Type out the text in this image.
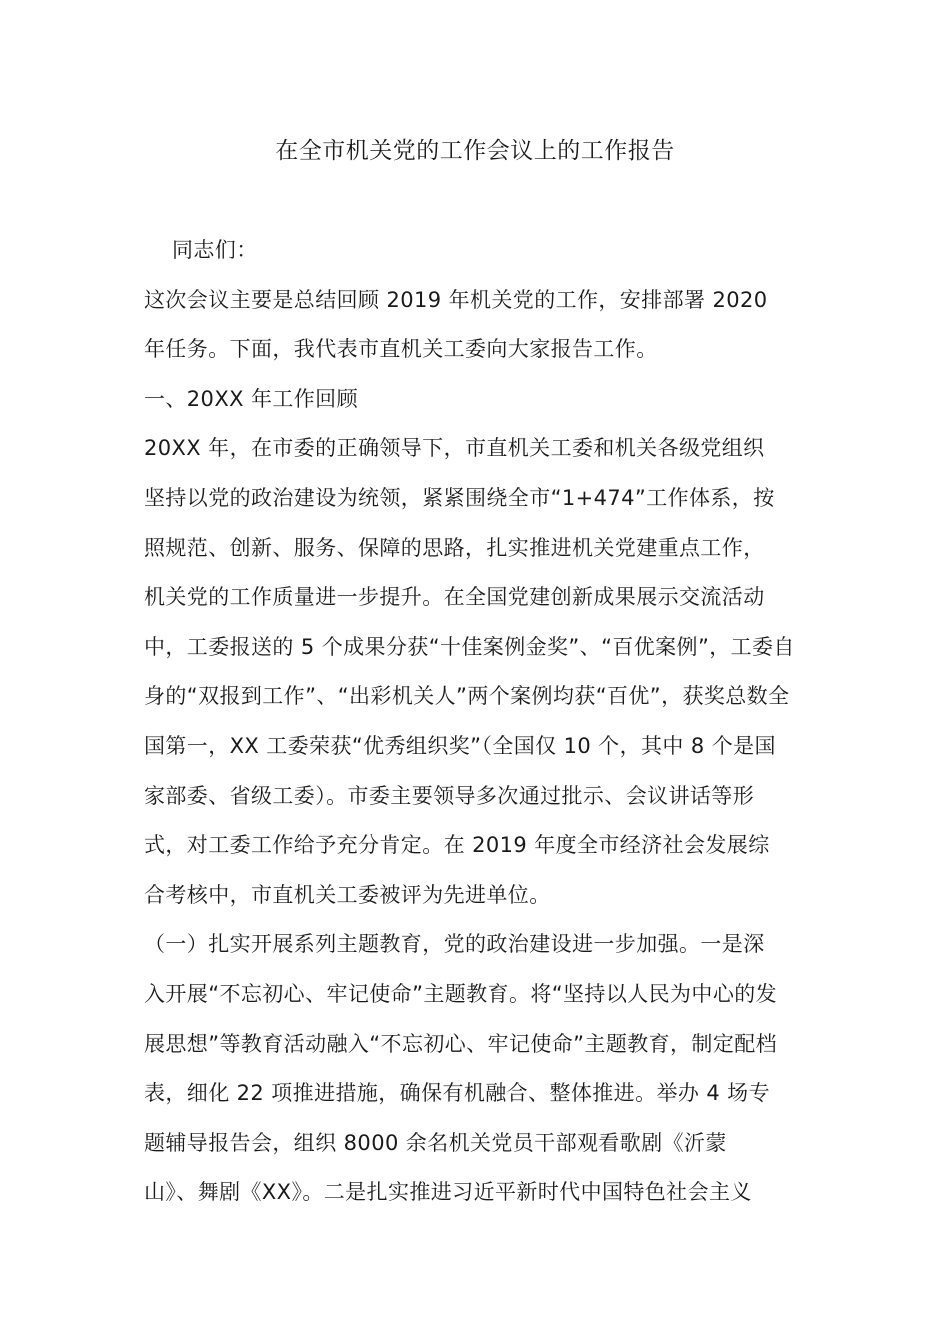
在全市机关党的工作会议上的工作报告

同志们：

这次会议主要是总结回顾 2019 年机关党的工作，安排部署 2020

年任务。下面，我代表市直机关工委向大家报告工作。

一、20XX 年工作回顾

20XX 年，在市委的正确领导下，市直机关工委和机关各级党组织

坚持以党的政治建设为统领，紧紧围绕全市“1+474”工作体系，按

照规范、创新、服务、保障的思路，扎实推进机关党建重点工作，

机关党的工作质量进一步提升。在全国党建创新成果展示交流活动

中，工委报送的 5 个成果分获“十佳案例金奖”、“百优案例”，工委自

身的“双报到工作”、“出彩机关人”两个案例均获“百优”，获奖总数全

国第一，XX 工委荣获“优秀组织奖”（全国仅 10 个，其中 8 个是国

家部委、省级工委）。市委主要领导多次通过批示、会议讲话等形

式，对工委工作给予充分肯定。在 2019 年度全市经济社会发展综

合考核中，市直机关工委被评为先进单位。

（一）扎实开展系列主题教育，党的政治建设进一步加强。一是深

入开展“不忘初心、牢记使命”主题教育。将“坚持以人民为中心的发

展思想”等教育活动融入“不忘初心、牢记使命”主题教育，制定配档

表，细化 22 项推进措施，确保有机融合、整体推进。举办 4 场专

题辅导报告会，组织 8000 余名机关党员干部观看歌剧《沂蒙

山》、舞剧《XX》。二是扎实推进习近平新时代中国特色社会主义
